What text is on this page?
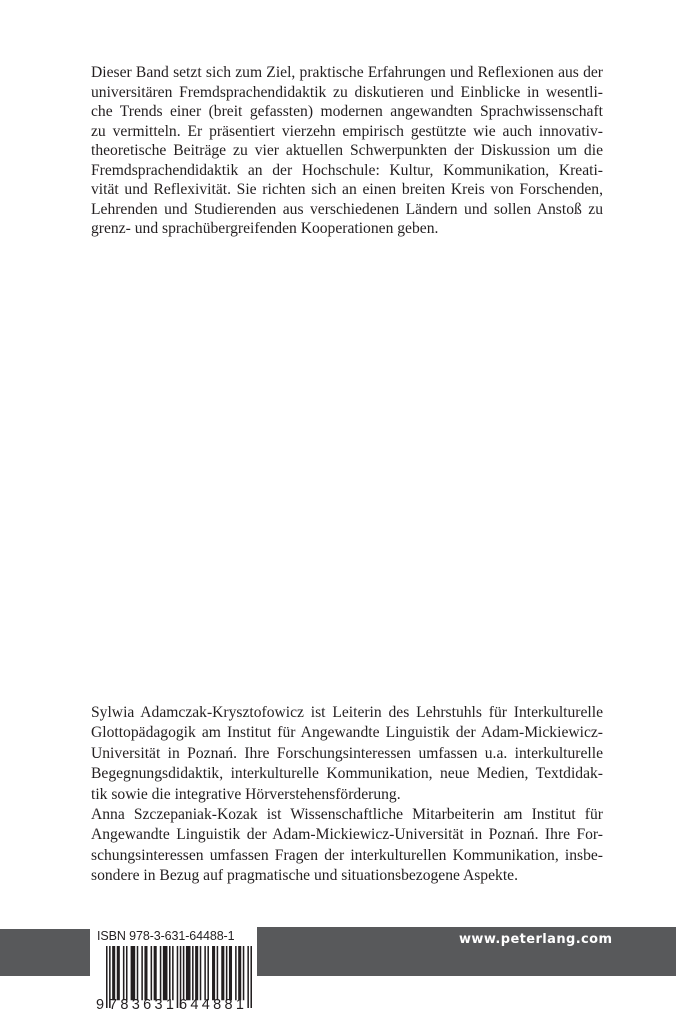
Dieser Band setzt sich zum Ziel, praktische Erfahrungen und Reflexionen aus der
universitären Fremdsprachendidaktik zu diskutieren und Einblicke in wesentli-
che Trends einer (breit gefassten) modernen angewandten Sprachwissenschaft
zu vermitteln. Er präsentiert vierzehn empirisch gestützte wie auch innovativ-
theoretische Beiträge zu vier aktuellen Schwerpunkten der Diskussion um die
Fremdsprachendidaktik an der Hochschule: Kultur, Kommunikation, Kreati-
vität und Reflexivität. Sie richten sich an einen breiten Kreis von Forschenden,
Lehrenden und Studierenden aus verschiedenen Ländern und sollen Anstoß zu
grenz- und sprachübergreifenden Kooperationen geben.
Sylwia Adamczak-Krysztofowicz ist Leiterin des Lehrstuhls für Interkulturelle
Glottopädagogik am Institut für Angewandte Linguistik der Adam-Mickiewicz-
Universität in Poznań. Ihre Forschungsinteressen umfassen u.a. interkulturelle
Begegnungsdidaktik, interkulturelle Kommunikation, neue Medien, Textdidak-
tik sowie die integrative Hörverstehensförderung.
Anna Szczepaniak-Kozak ist Wissenschaftliche Mitarbeiterin am Institut für
Angewandte Linguistik der Adam-Mickiewicz-Universität in Poznań. Ihre For-
schungsinteressen umfassen Fragen der interkulturellen Kommunikation, insbe-
sondere in Bezug auf pragmatische und situationsbezogene Aspekte.
www.peterlang.com
ISBN 978-3-631-64488-1
9 783631 644881
